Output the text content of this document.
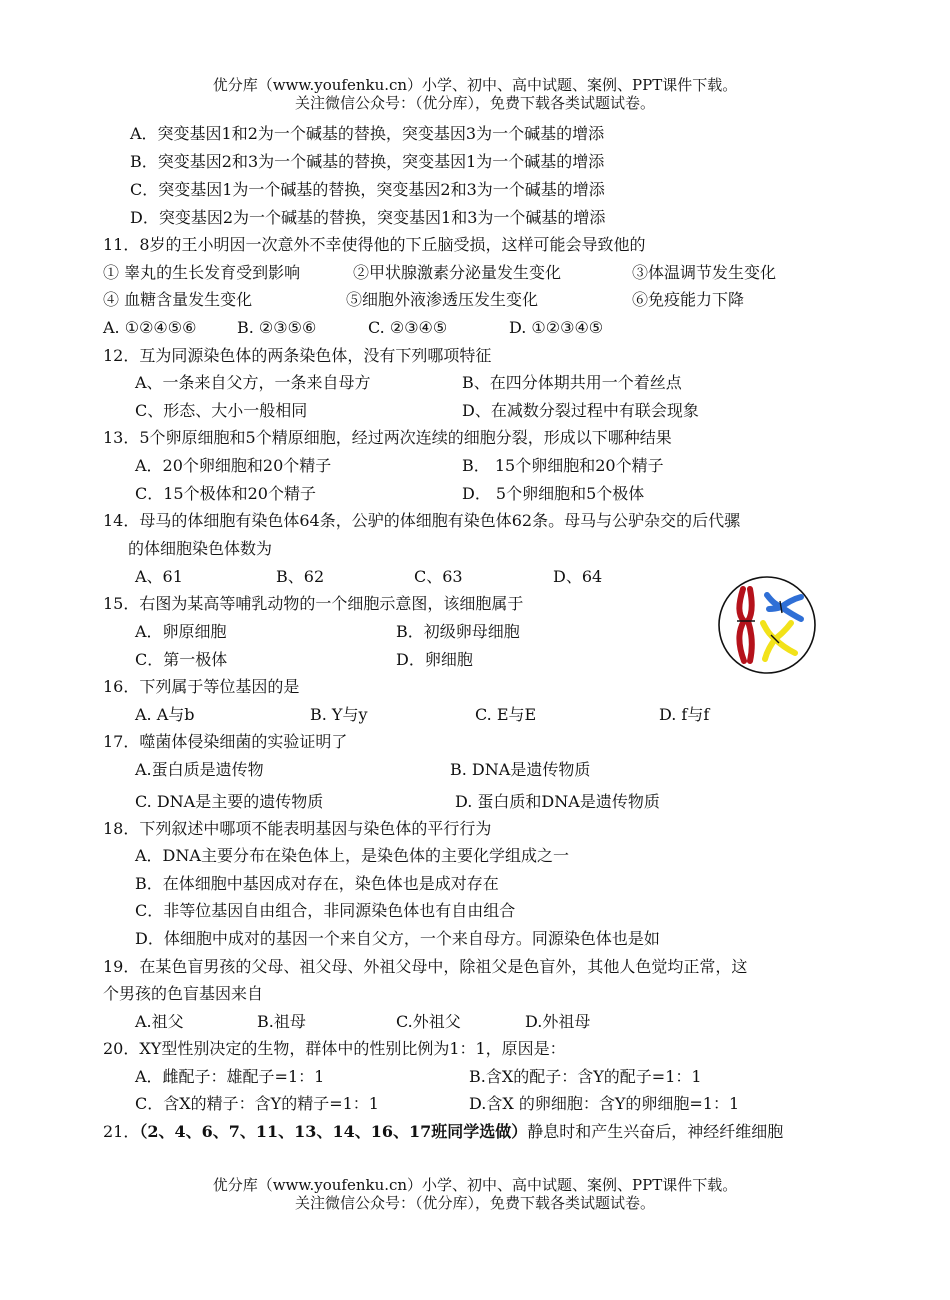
优分库（www.youfenku.cn）小学、初中、高中试题、案例、PPT课件下载。
关注微信公众号：（优分库），免费下载各类试题试卷。
A．突变基因1和2为一个碱基的替换，突变基因3为一个碱基的增添
B．突变基因2和3为一个碱基的替换，突变基因1为一个碱基的增添
C．突变基因1为一个碱基的替换，突变基因2和3为一个碱基的增添
D．突变基因2为一个碱基的替换，突变基因1和3为一个碱基的增添
11．8岁的王小明因一次意外不幸使得他的下丘脑受损，这样可能会导致他的
① 睾丸的生长发育受到影响	②甲状腺激素分泌量发生变化	③体温调节发生变化
④ 血糖含量发生变化	⑤细胞外液渗透压发生变化	⑥免疫能力下降
A. ①②④⑤⑥	B. ②③⑤⑥	C. ②③④⑤	D. ①②③④⑤
12．互为同源染色体的两条染色体，没有下列哪项特征
A、一条来自父方，一条来自母方	B、在四分体期共用一个着丝点
C、形态、大小一般相同	D、在减数分裂过程中有联会现象
13．5个卵原细胞和5个精原细胞，经过两次连续的细胞分裂，形成以下哪种结果
A．20个卵细胞和20个精子	B． 15个卵细胞和20个精子
C．15个极体和20个精子	D． 5个卵细胞和5个极体
14．母马的体细胞有染色体64条，公驴的体细胞有染色体62条。母马与公驴杂交的后代骡
的体细胞染色体数为
A、61	B、62	C、63	D、64
15．右图为某高等哺乳动物的一个细胞示意图，该细胞属于
A．卵原细胞	B．初级卵母细胞
C．第一极体	D．卵细胞
16．下列属于等位基因的是
A. A与b	B. Y与y	C. E与E	D. f与f
17．噬菌体侵染细菌的实验证明了
A.蛋白质是遗传物	B. DNA是遗传物质
C. DNA是主要的遗传物质	D. 蛋白质和DNA是遗传物质
18．下列叙述中哪项不能表明基因与染色体的平行行为
A．DNA主要分布在染色体上，是染色体的主要化学组成之一
B．在体细胞中基因成对存在，染色体也是成对存在
C．非等位基因自由组合，非同源染色体也有自由组合
D．体细胞中成对的基因一个来自父方，一个来自母方。同源染色体也是如
19．在某色盲男孩的父母、祖父母、外祖父母中，除祖父是色盲外，其他人色觉均正常，这
个男孩的色盲基因来自
A.祖父	B.祖母	C.外祖父	D.外祖母
20．XY型性别决定的生物，群体中的性别比例为1：1，原因是：
A．雌配子：雄配子=1：1	B.含X的配子：含Y的配子=1：1
C．含X的精子：含Y的精子=1：1	D.含X 的卵细胞：含Y的卵细胞=1：1
21．（2、4、6、7、11、13、14、16、17班同学选做）静息时和产生兴奋后，神经纤维细胞
优分库（www.youfenku.cn）小学、初中、高中试题、案例、PPT课件下载。
关注微信公众号：（优分库），免费下载各类试题试卷。
